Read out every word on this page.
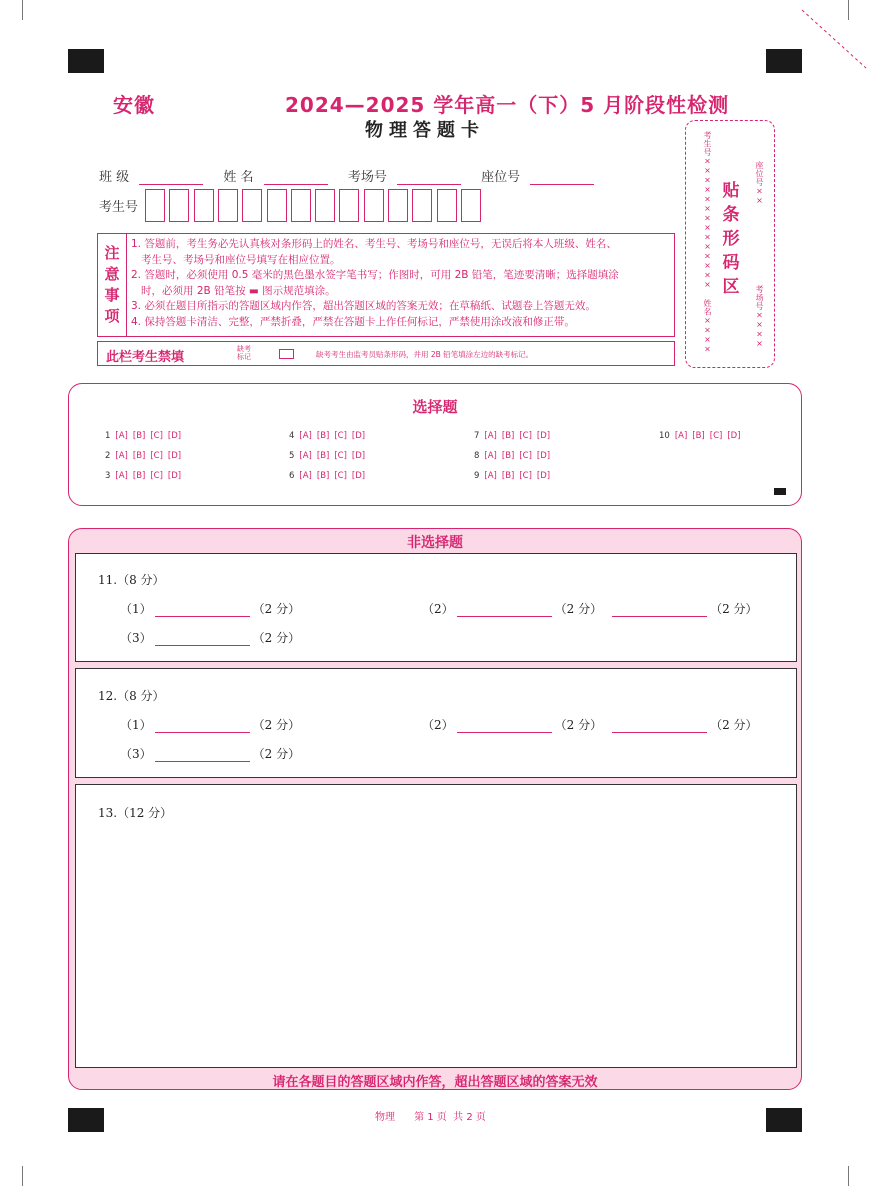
安徽	2024—2025 学年高一（下）5 月阶段性检测
物理答题卡
班 级	姓 名	考场号	座位号
考生号
注
意
事
项
1. 答题前，考生务必先认真核对条形码上的姓名、考生号、考场号和座位号，无误后将本人班级、姓名、
考生号、考场号和座位号填写在相应位置。
2. 答题时，必须使用 0.5 毫米的黑色墨水签字笔书写；作图时，可用 2B 铅笔，笔迹要清晰；选择题填涂
时，必须用 2B 铅笔按 ▬ 图示规范填涂。
3. 必须在题目所指示的答题区域内作答，超出答题区域的答案无效；在草稿纸、试题卷上答题无效。
4. 保持答题卡清洁、完整，严禁折叠，严禁在答题卡上作任何标记，严禁使用涂改液和修正带。
此栏考生禁填
缺考
标记	缺考考生由监考员贴条形码，并用 2B 铅笔填涂左边的缺考标记。
考生号××××××××××××××
姓名××××
贴
条
形
码
区
座位号××
考场号××××
选择题
1 [A] [B] [C] [D]
2 [A] [B] [C] [D]
3 [A] [B] [C] [D]
4 [A] [B] [C] [D]
5 [A] [B] [C] [D]
6 [A] [B] [C] [D]
7 [A] [B] [C] [D]
8 [A] [B] [C] [D]
9 [A] [B] [C] [D]
10 [A] [B] [C] [D]
非选择题
11.（8 分）
（1）	（2 分）	（2）	（2 分）	（2 分）
（3）	（2 分）
12.（8 分）
（1）	（2 分）	（2）	（2 分）	（2 分）
（3）	（2 分）
13.（12 分）
请在各题目的答题区域内作答，超出答题区域的答案无效
物理 第 1 页  共 2 页
